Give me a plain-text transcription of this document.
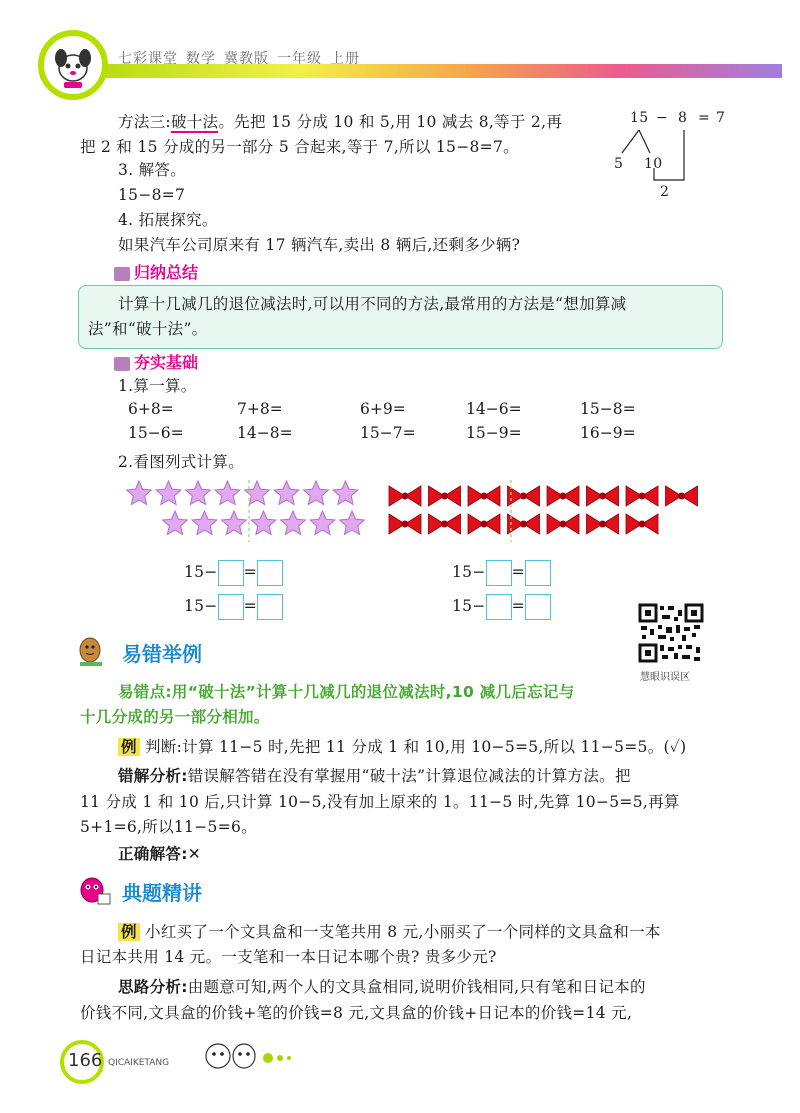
七彩课堂 数学 冀教版 一年级 上册
方法三:破十法。先把 15 分成 10 和 5,用 10 减去 8,等于 2,再
把 2 和 15 分成的另一部分 5 合起来,等于 7,所以 15−8=7。
15 − 8 = 7
5 10
2
3. 解答。
15−8=7
4. 拓展探究。
如果汽车公司原来有 17 辆汽车,卖出 8 辆后,还剩多少辆?
归纳总结
计算十几减几的退位减法时,可以用不同的方法,最常用的方法是“想加算减
法”和“破十法”。
夯实基础
1.算一算。
6+8=	7+8=	6+9=	14−6=	15−8=
15−6=	14−8=	15−7=	15−9=	16−9=
2.看图列式计算。
15− =
15− =
15− =
15− =
慧眼识误区
易错举例
易错点:用“破十法”计算十几减几的退位减法时,10 减几后忘记与
十几分成的另一部分相加。
例 判断:计算 11−5 时,先把 11 分成 1 和 10,用 10−5=5,所以 11−5=5。(✓)
错解分析:错误解答错在没有掌握用“破十法”计算退位减法的计算方法。把
11 分成 1 和 10 后,只计算 10−5,没有加上原来的 1。11−5 时,先算 10−5=5,再算
5+1=6,所以11−5=6。
正确解答:✕
典题精讲
例 小红买了一个文具盒和一支笔共用 8 元,小丽买了一个同样的文具盒和一本
日记本共用 14 元。一支笔和一本日记本哪个贵? 贵多少元?
思路分析:由题意可知,两个人的文具盒相同,说明价钱相同,只有笔和日记本的
价钱不同,文具盒的价钱+笔的价钱=8 元,文具盒的价钱+日记本的价钱=14 元,
166 QICAIKETANG
